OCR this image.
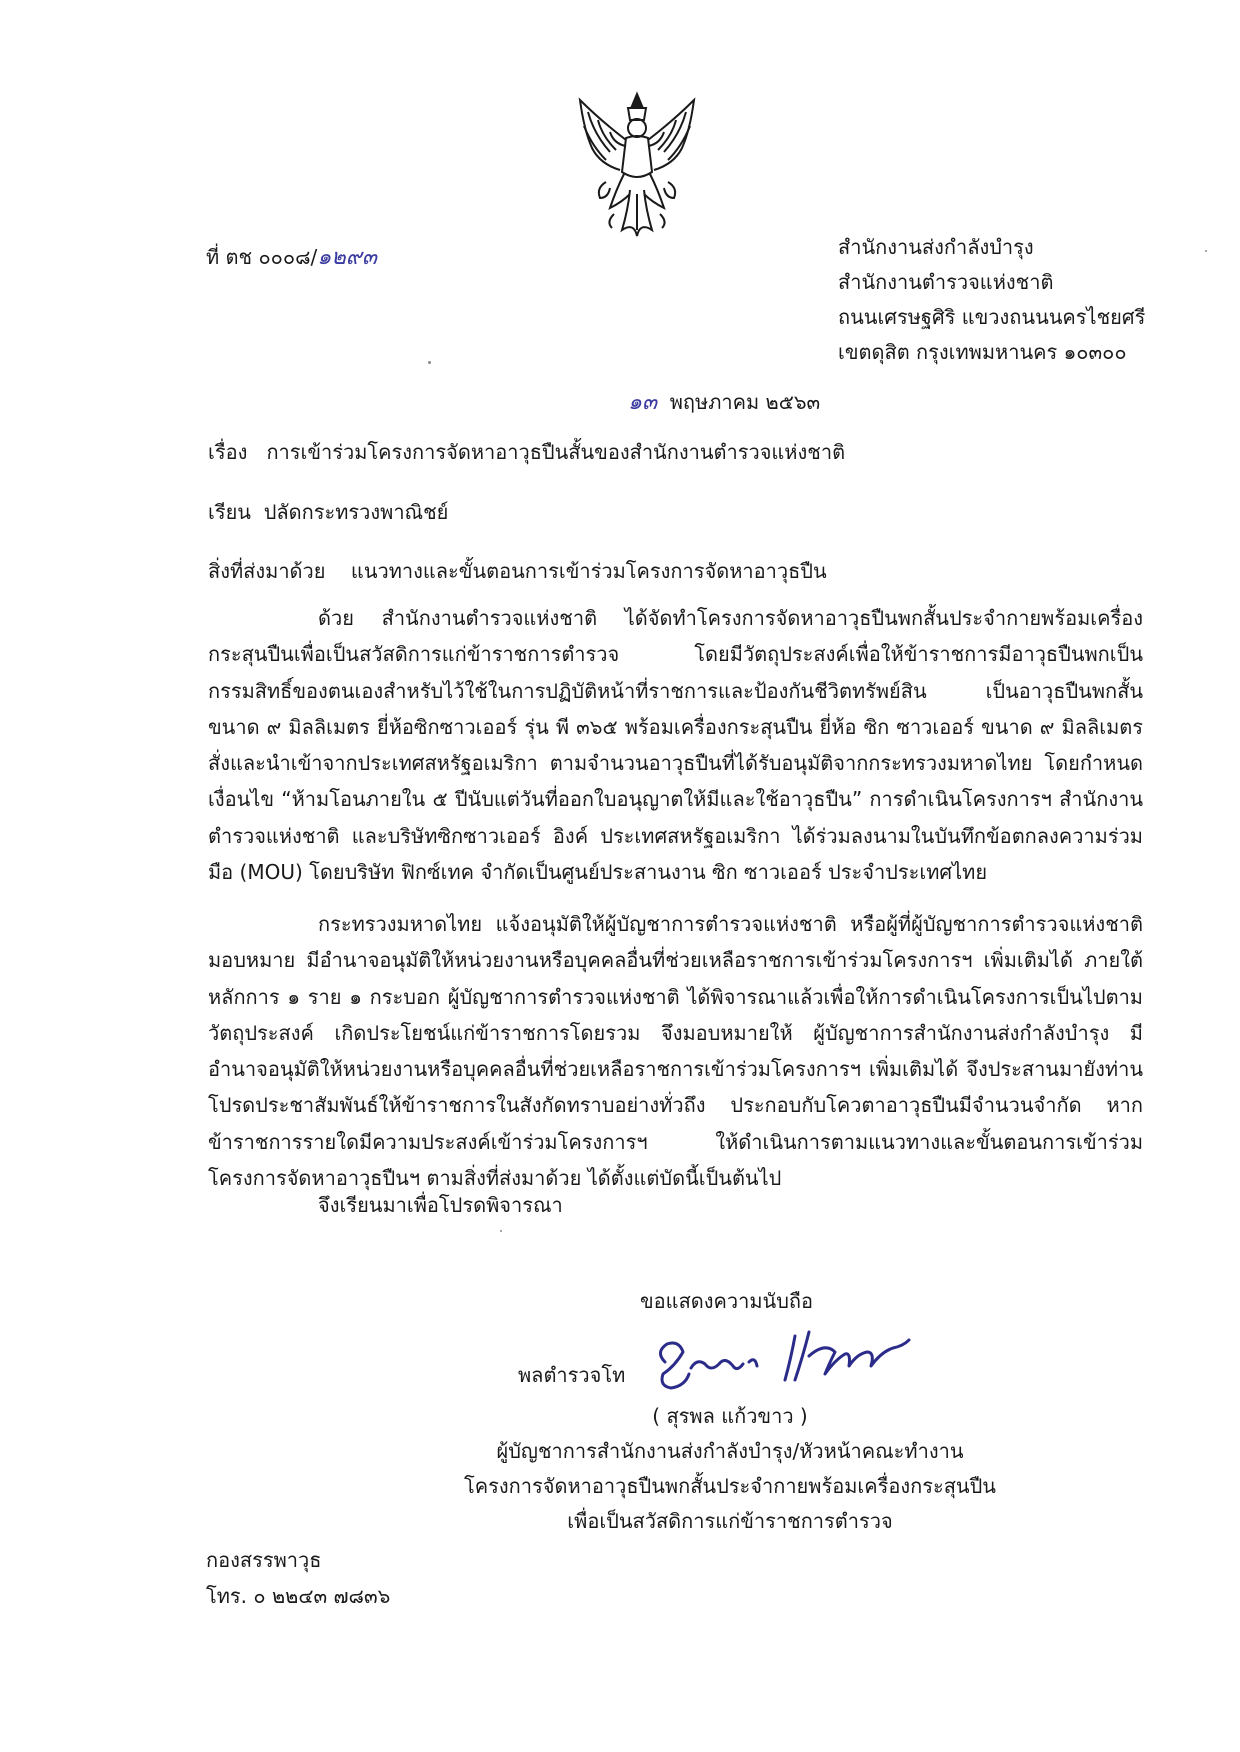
ที่ ตช ๐๐๐๘/๑๒๙๓	สำนักงานส่งกำลังบำรุง
สำนักงานตำรวจแห่งชาติ
ถนนเศรษฐศิริ แขวงถนนนครไชยศรี
เขตดุสิต กรุงเทพมหานคร ๑๐๓๐๐
๑๓ พฤษภาคม ๒๕๖๓
เรื่อง การเข้าร่วมโครงการจัดหาอาวุธปืนสั้นของสำนักงานตำรวจแห่งชาติ
เรียน ปลัดกระทรวงพาณิชย์
สิ่งที่ส่งมาด้วย แนวทางและขั้นตอนการเข้าร่วมโครงการจัดหาอาวุธปืน
ด้วย สำนักงานตำรวจแห่งชาติ ได้จัดทำโครงการจัดหาอาวุธปืนพกสั้นประจำกายพร้อมเครื่องกระสุนปืนเพื่อเป็นสวัสดิการแก่ข้าราชการตำรวจ โดยมีวัตถุประสงค์เพื่อให้ข้าราชการมีอาวุธปืนพกเป็นกรรมสิทธิ์ของตนเองสำหรับไว้ใช้ในการปฏิบัติหน้าที่ราชการและป้องกันชีวิตทรัพย์สิน เป็นอาวุธปืนพกสั้น ขนาด ๙ มิลลิเมตร ยี่ห้อซิกซาวเออร์ รุ่น พี ๓๖๕ พร้อมเครื่องกระสุนปืน ยี่ห้อ ซิก ซาวเออร์ ขนาด ๙ มิลลิเมตร สั่งและนำเข้าจากประเทศสหรัฐอเมริกา ตามจำนวนอาวุธปืนที่ได้รับอนุมัติจากกระทรวงมหาดไทย โดยกำหนดเงื่อนไข “ห้ามโอนภายใน ๕ ปีนับแต่วันที่ออกใบอนุญาตให้มีและใช้อาวุธปืน” การดำเนินโครงการฯ สำนักงานตำรวจแห่งชาติ และบริษัทซิกซาวเออร์ อิงค์ ประเทศสหรัฐอเมริกา ได้ร่วมลงนามในบันทึกข้อตกลงความร่วมมือ (MOU) โดยบริษัท ฟิกซ์เทค จำกัดเป็นศูนย์ประสานงาน ซิก ซาวเออร์ ประจำประเทศไทย
กระทรวงมหาดไทย แจ้งอนุมัติให้ผู้บัญชาการตำรวจแห่งชาติ หรือผู้ที่ผู้บัญชาการตำรวจแห่งชาติมอบหมาย มีอำนาจอนุมัติให้หน่วยงานหรือบุคคลอื่นที่ช่วยเหลือราชการเข้าร่วมโครงการฯ เพิ่มเติมได้ ภายใต้หลักการ ๑ ราย ๑ กระบอก ผู้บัญชาการตำรวจแห่งชาติ ได้พิจารณาแล้วเพื่อให้การดำเนินโครงการเป็นไปตามวัตถุประสงค์ เกิดประโยชน์แก่ข้าราชการโดยรวม จึงมอบหมายให้ ผู้บัญชาการสำนักงานส่งกำลังบำรุง มีอำนาจอนุมัติให้หน่วยงานหรือบุคคลอื่นที่ช่วยเหลือราชการเข้าร่วมโครงการฯ เพิ่มเติมได้ จึงประสานมายังท่านโปรดประชาสัมพันธ์ให้ข้าราชการในสังกัดทราบอย่างทั่วถึง ประกอบกับโควตาอาวุธปืนมีจำนวนจำกัด หากข้าราชการรายใดมีความประสงค์เข้าร่วมโครงการฯ ให้ดำเนินการตามแนวทางและขั้นตอนการเข้าร่วมโครงการจัดหาอาวุธปืนฯ ตามสิ่งที่ส่งมาด้วย ได้ตั้งแต่บัดนี้เป็นต้นไป
จึงเรียนมาเพื่อโปรดพิจารณา
ขอแสดงความนับถือ
พลตำรวจโท
( สุรพล แก้วขาว )
ผู้บัญชาการสำนักงานส่งกำลังบำรุง/หัวหน้าคณะทำงาน
โครงการจัดหาอาวุธปืนพกสั้นประจำกายพร้อมเครื่องกระสุนปืน
เพื่อเป็นสวัสดิการแก่ข้าราชการตำรวจ
กองสรรพาวุธ
โทร. ๐ ๒๒๔๓ ๗๘๓๖
